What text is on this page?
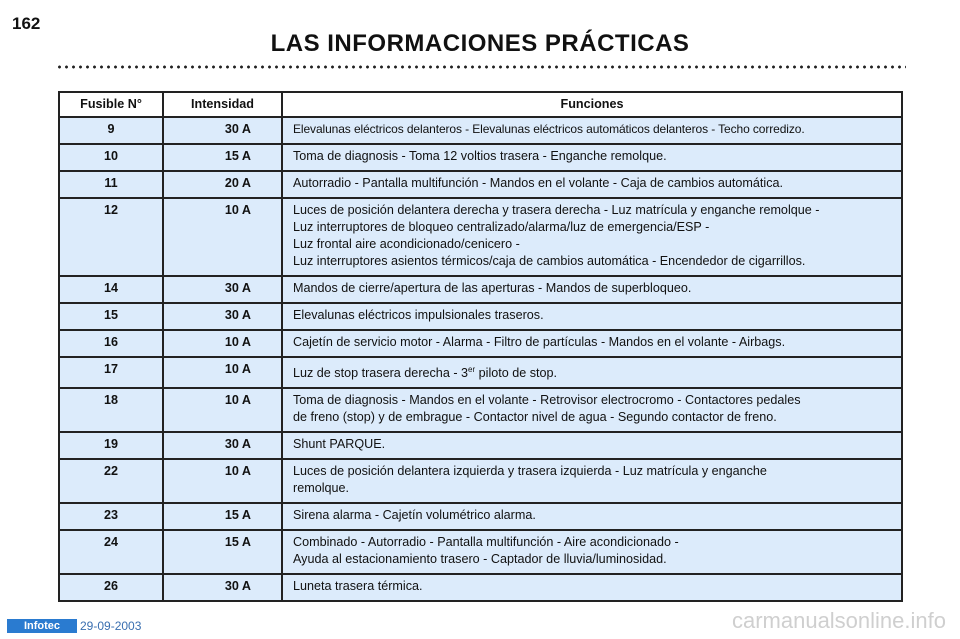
162
LAS INFORMACIONES PRÁCTICAS
Fusible N°	Intensidad	Funciones
9	30 A	Elevalunas eléctricos delanteros - Elevalunas eléctricos automáticos delanteros - Techo corredizo.

10	15 A	Toma de diagnosis - Toma 12 voltios trasera - Enganche remolque.

11	20 A	Autorradio - Pantalla multifunción - Mandos en el volante - Caja de cambios automática.

12	10 A	Luces de posición delantera derecha y trasera derecha - Luz matrícula y enganche remolque -
Luz interruptores de bloqueo centralizado/alarma/luz de emergencia/ESP -
Luz frontal aire acondicionado/cenicero -
Luz interruptores asientos térmicos/caja de cambios automática - Encendedor de cigarrillos.

14	30 A	Mandos de cierre/apertura de las aperturas - Mandos de superbloqueo.

15	30 A	Elevalunas eléctricos impulsionales traseros.

16	10 A	Cajetín de servicio motor - Alarma - Filtro de partículas - Mandos en el volante - Airbags.

17	10 A	Luz de stop trasera derecha - 3er piloto de stop.

18	10 A	Toma de diagnosis - Mandos en el volante - Retrovisor electrocromo - Contactores pedales
de freno (stop) y de embrague - Contactor nivel de agua - Segundo contactor de freno.

19	30 A	Shunt PARQUE.

22	10 A	Luces de posición delantera izquierda y trasera izquierda - Luz matrícula y enganche
remolque.

23	15 A	Sirena alarma - Cajetín volumétrico alarma.

24	15 A	Combinado - Autorradio - Pantalla multifunción - Aire acondicionado -
Ayuda al estacionamiento trasero - Captador de lluvia/luminosidad.

26	30 A	Luneta trasera térmica.
Infotec	29-09-2003	carmanualsonline.info
